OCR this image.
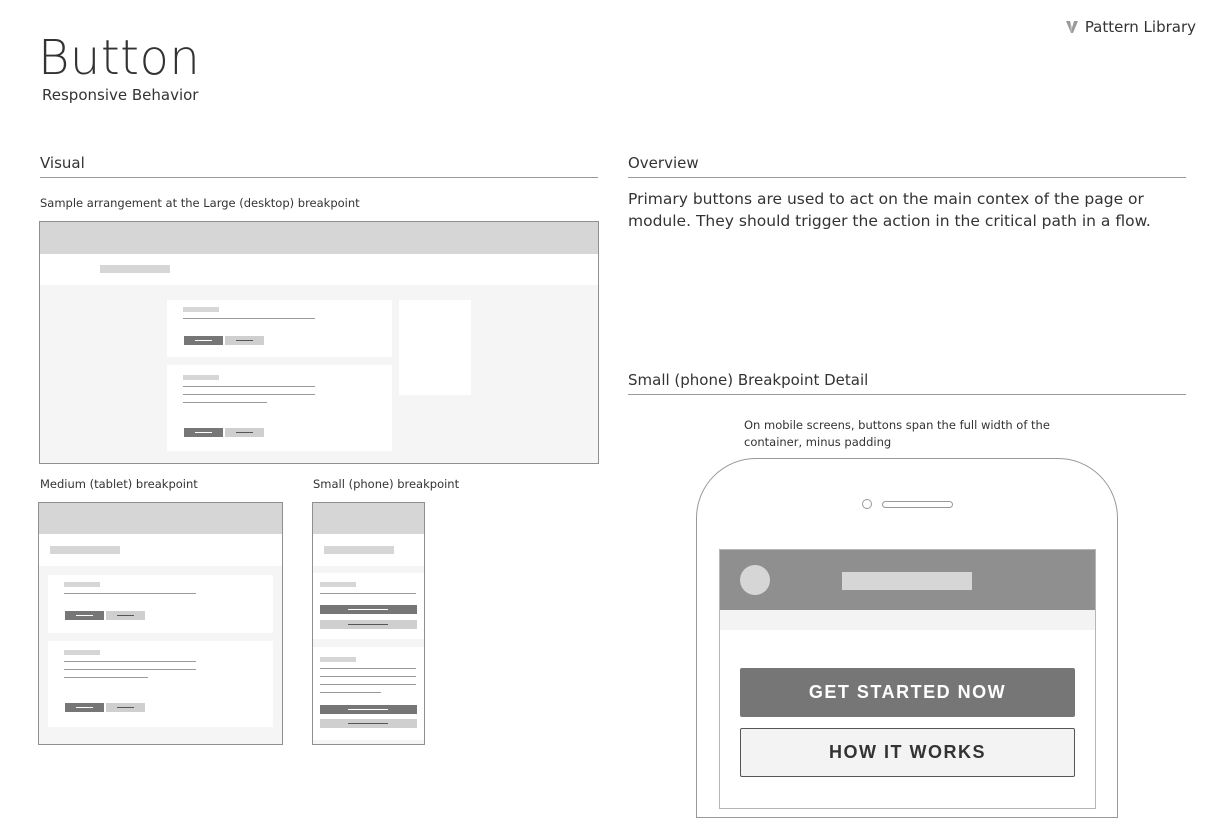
Button
Responsive Behavior
Pattern Library
Visual
Sample arrangement at the Large (desktop) breakpoint
Medium (tablet) breakpoint	Small (phone) breakpoint
Overview
Primary buttons are used to act on the main contex of the page or module. They should trigger the action in the critical path in a flow.
Small (phone) Breakpoint Detail
On mobile screens, buttons span the full width of the container, minus padding
GET STARTED NOW
HOW IT WORKS
